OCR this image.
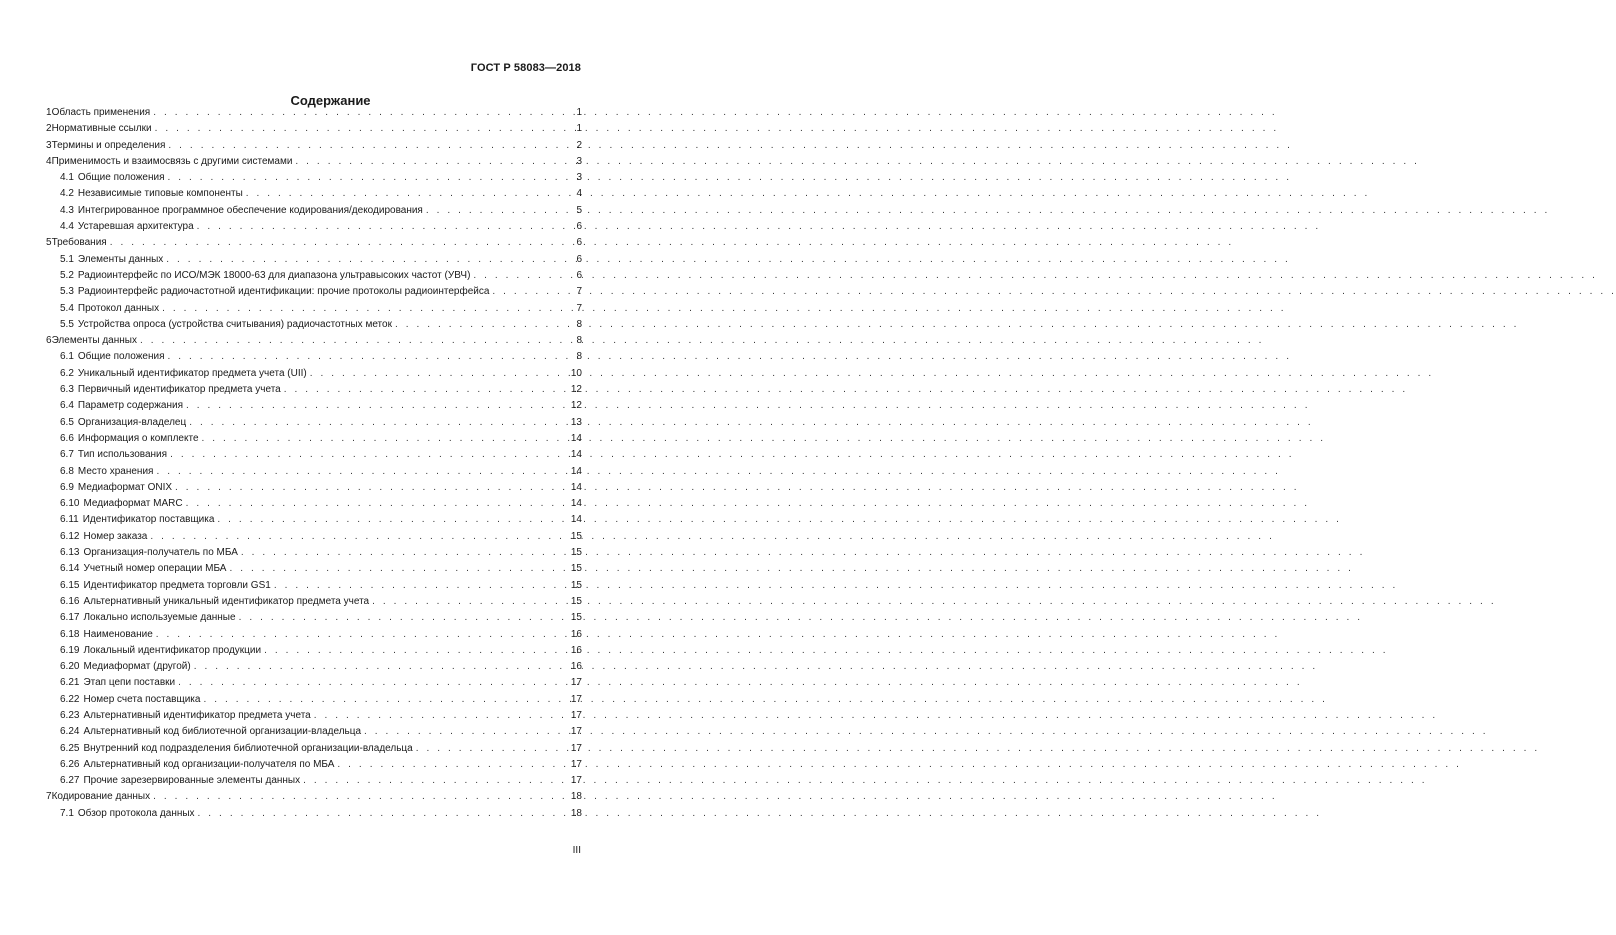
ГОСТ Р 58083—2018
Содержание
1 Область применения . . .	1
2 Нормативные ссылки . . .	1
3 Термины и определения . . .	2
4 Применимость и взаимосвязь с другими системами . . .	3
4.1 Общие положения . . .	3
4.2 Независимые типовые компоненты . . .	4
4.3 Интегрированное программное обеспечение кодирования/декодирования . . .	5
4.4 Устаревшая архитектура . . .	6
5 Требования . . .	6
5.1 Элементы данных . . .	6
5.2 Радиоинтерфейс по ИСО/МЭК 18000-63 для диапазона ультравысоких частот (УВЧ) . . .	6
5.3 Радиоинтерфейс радиочастотной идентификации: прочие протоколы радиоинтерфейса . . .	7
5.4 Протокол данных . . .	7
5.5 Устройства опроса (устройства считывания) радиочастотных меток . . .	8
6 Элементы данных . . .	8
6.1 Общие положения . . .	8
6.2 Уникальный идентификатор предмета учета (UII) . . .	10
6.3 Первичный идентификатор предмета учета . . .	12
6.4 Параметр содержания . . .	12
6.5 Организация-владелец . . .	13
6.6 Информация о комплекте . . .	14
6.7 Тип использования . . .	14
6.8 Место хранения . . .	14
6.9 Медиаформат ONIX . . .	14
6.10 Медиаформат MARC . . .	14
6.11 Идентификатор поставщика . . .	14
6.12 Номер заказа . . .	15
6.13 Организация-получатель по МБА . . .	15
6.14 Учетный номер операции МБА . . .	15
6.15 Идентификатор предмета торговли GS1 . . .	15
6.16 Альтернативный уникальный идентификатор предмета учета . . .	15
6.17 Локально используемые данные . . .	15
6.18 Наименование . . .	16
6.19 Локальный идентификатор продукции . . .	16
6.20 Медиаформат (другой) . . .	16
6.21 Этап цепи поставки . . .	17
6.22 Номер счета поставщика . . .	17
6.23 Альтернативный идентификатор предмета учета . . .	17
6.24 Альтернативный код библиотечной организации-владельца . . .	17
6.25 Внутренний код подразделения библиотечной организации-владельца . . .	17
6.26 Альтернативный код организации-получателя по МБА . . .	17
6.27 Прочие зарезервированные элементы данных . . .	17
7 Кодирование данных . . .	18
7.1 Обзор протокола данных . . .	18
III
